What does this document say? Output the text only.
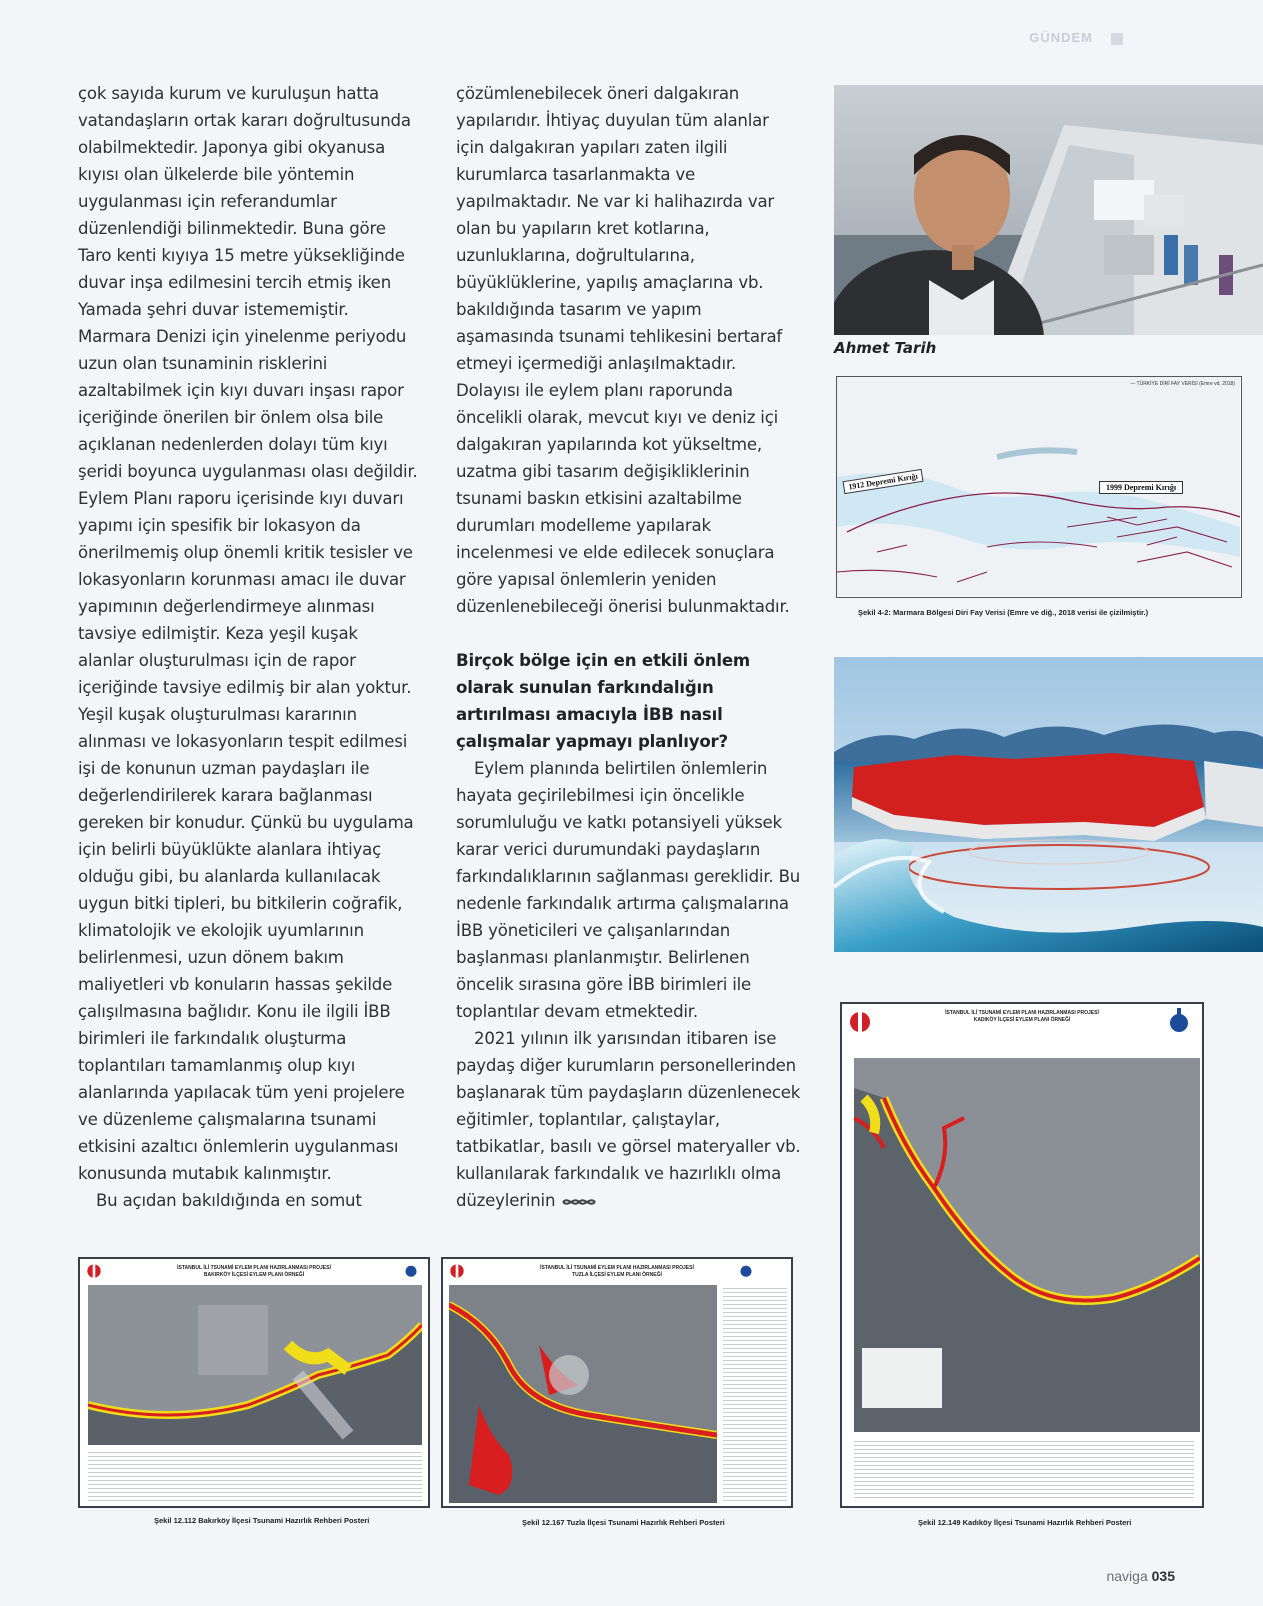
GÜNDEM

çok sayıda kurum ve kuruluşun hatta vatandaşların ortak kararı doğrultusunda olabilmektedir. Japonya gibi okyanusa kıyısı olan ülkelerde bile yöntemin uygulanması için referandumlar düzenlendiği bilinmektedir. Buna göre Taro kenti kıyıya 15 metre yüksekliğinde duvar inşa edilmesini tercih etmiş iken Yamada şehri duvar istememiştir. Marmara Denizi için yinelenme periyodu uzun olan tsunaminin risklerini azaltabilmek için kıyı duvarı inşası rapor içeriğinde önerilen bir önlem olsa bile açıklanan nedenlerden dolayı tüm kıyı şeridi boyunca uygulanması olası değildir. Eylem Planı raporu içerisinde kıyı duvarı yapımı için spesifik bir lokasyon da önerilmemiş olup önemli kritik tesisler ve lokasyonların korunması amacı ile duvar yapımının değerlendirmeye alınması tavsiye edilmiştir. Keza yeşil kuşak alanlar oluşturulması için de rapor içeriğinde tavsiye edilmiş bir alan yoktur. Yeşil kuşak oluşturulması kararının alınması ve lokasyonların tespit edilmesi işi de konunun uzman paydaşları ile değerlendirilerek karara bağlanması gereken bir konudur. Çünkü bu uygulama için belirli büyüklükte alanlara ihtiyaç olduğu gibi, bu alanlarda kullanılacak uygun bitki tipleri, bu bitkilerin coğrafik, klimatolojik ve ekolojik uyumlarının belirlenmesi, uzun dönem bakım maliyetleri vb konuların hassas şekilde çalışılmasına bağlıdır. Konu ile ilgili İBB birimleri ile farkındalık oluşturma toplantıları tamamlanmış olup kıyı alanlarında yapılacak tüm yeni projelere ve düzenleme çalışmalarına tsunami etkisini azaltıcı önlemlerin uygulanması konusunda mutabık kalınmıştır.

Bu açıdan bakıldığında en somut

çözümlenebilecek öneri dalgakıran yapılarıdır. İhtiyaç duyulan tüm alanlar için dalgakıran yapıları zaten ilgili kurumlarca tasarlanmakta ve yapılmaktadır. Ne var ki halihazırda var olan bu yapıların kret kotlarına, uzunluklarına, doğrultularına, büyüklüklerine, yapılış amaçlarına vb. bakıldığında tasarım ve yapım aşamasında tsunami tehlikesini bertaraf etmeyi içermediği anlaşılmaktadır. Dolayısı ile eylem planı raporunda öncelikli olarak, mevcut kıyı ve deniz içi dalgakıran yapılarında kot yükseltme, uzatma gibi tasarım değişikliklerinin tsunami baskın etkisini azaltabilme durumları modelleme yapılarak incelenmesi ve elde edilecek sonuçlara göre yapısal önlemlerin yeniden düzenlenebileceği önerisi bulunmaktadır.

Birçok bölge için en etkili önlem olarak sunulan farkındalığın artırılması amacıyla İBB nasıl çalışmalar yapmayı planlıyor?

Eylem planında belirtilen önlemlerin hayata geçirilebilmesi için öncelikle sorumluluğu ve katkı potansiyeli yüksek karar verici durumundaki paydaşların farkındalıklarının sağlanması gereklidir. Bu nedenle farkındalık artırma çalışmalarına İBB yöneticileri ve çalışanlarından başlanması planlanmıştır. Belirlenen öncelik sırasına göre İBB birimleri ile toplantılar devam etmektedir.

2021 yılının ilk yarısından itibaren ise paydaş diğer kurumların personellerinden başlanarak tüm paydaşların düzenlenecek eğitimler, toplantılar, çalıştaylar, tatbikatlar, basılı ve görsel materyaller vb. kullanılarak farkındalık ve hazırlıklı olma düzeylerinin

Ahmet Tarih
— TÜRKİYE DİRİ FAY VERİSİ (Emre vd. 2018)
1912 Depremi Kırığı	1999 Depremi Kırığı
Şekil 4-2: Marmara Bölgesi Diri Fay Verisi (Emre ve diğ., 2018 verisi ile çizilmiştir.)
İSTANBUL İLİ TSUNAMİ EYLEM PLANI HAZIRLANMASI PROJESİ
KADIKÖY İLÇESİ EYLEM PLANI ÖRNEĞİ
Şekil 12.149 Kadıköy İlçesi Tsunami Hazırlık Rehberi Posteri
İSTANBUL İLİ TSUNAMİ EYLEM PLANI HAZIRLANMASI PROJESİ
BAKIRKÖY İLÇESİ EYLEM PLANI ÖRNEĞİ
Şekil 12.112 Bakırköy İlçesi Tsunami Hazırlık Rehberi Posteri
İSTANBUL İLİ TSUNAMİ EYLEM PLANI HAZIRLANMASI PROJESİ
TUZLA İLÇESİ EYLEM PLANI ÖRNEĞİ
Şekil 12.167 Tuzla İlçesi Tsunami Hazırlık Rehberi Posteri
naviga 035
